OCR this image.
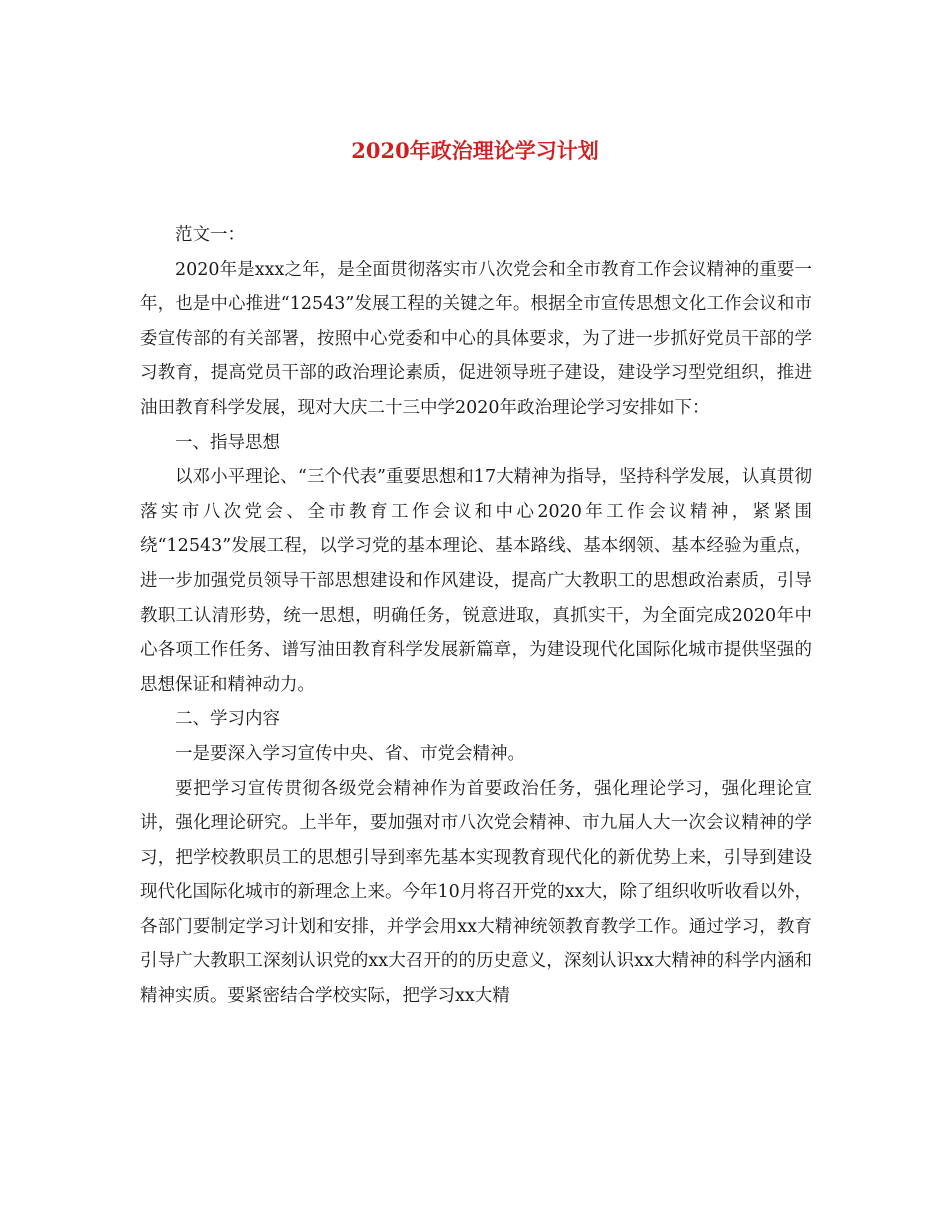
2020年政治理论学习计划

范文一：

2020年是xxx之年，是全面贯彻落实市八次党会和全市教育工作会议精神的重要一年，也是中心推进“12543”发展工程的关键之年。根据全市宣传思想文化工作会议和市委宣传部的有关部署，按照中心党委和中心的具体要求，为了进一步抓好党员干部的学习教育，提高党员干部的政治理论素质，促进领导班子建设，建设学习型党组织，推进油田教育科学发展，现对大庆二十三中学2020年政治理论学习安排如下：

一、指导思想

以邓小平理论、“三个代表”重要思想和17大精神为指导，坚持科学发展，认真贯彻落实市八次党会、全市教育工作会议和中心2020年工作会议精神，紧紧围绕“12543”发展工程，以学习党的基本理论、基本路线、基本纲领、基本经验为重点，进一步加强党员领导干部思想建设和作风建设，提高广大教职工的思想政治素质，引导教职工认清形势，统一思想，明确任务，锐意进取，真抓实干，为全面完成2020年中心各项工作任务、谱写油田教育科学发展新篇章，为建设现代化国际化城市提供坚强的思想保证和精神动力。

二、学习内容

一是要深入学习宣传中央、省、市党会精神。

要把学习宣传贯彻各级党会精神作为首要政治任务，强化理论学习，强化理论宣讲，强化理论研究。上半年，要加强对市八次党会精神、市九届人大一次会议精神的学习，把学校教职员工的思想引导到率先基本实现教育现代化的新优势上来，引导到建设现代化国际化城市的新理念上来。今年10月将召开党的xx大，除了组织收听收看以外，各部门要制定学习计划和安排，并学会用xx大精神统领教育教学工作。通过学习，教育引导广大教职工深刻认识党的xx大召开的的历史意义，深刻认识xx大精神的科学内涵和精神实质。要紧密结合学校实际，把学习xx大精
